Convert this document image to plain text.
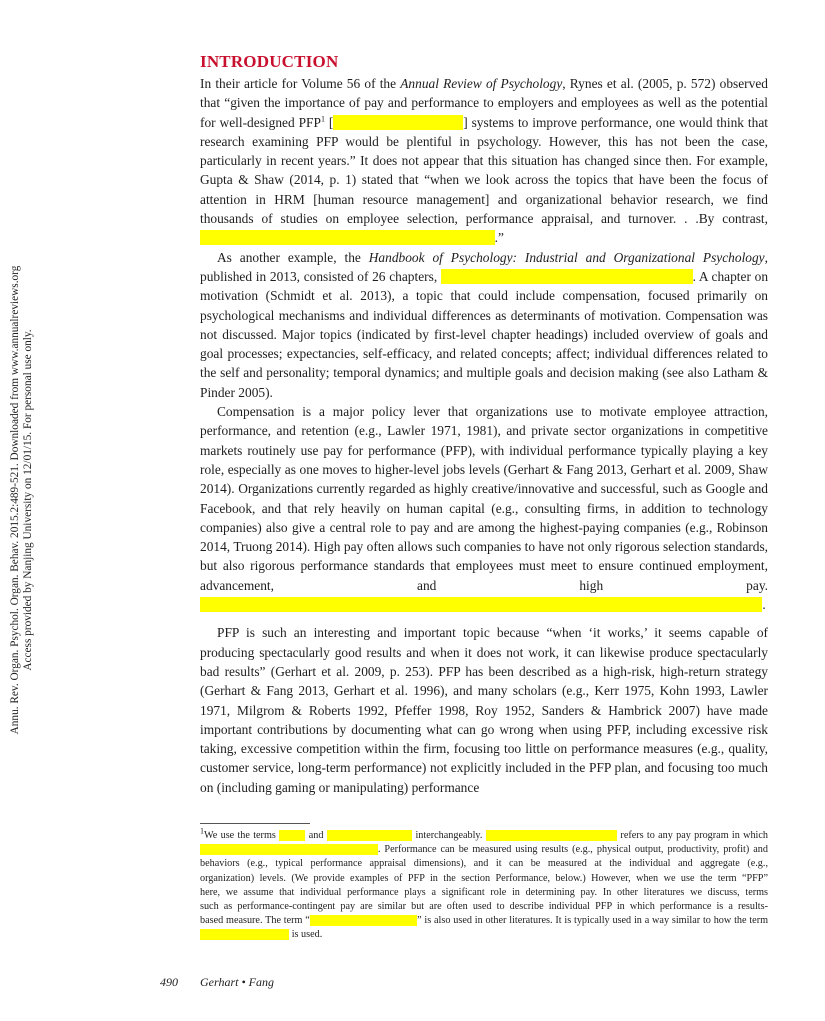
Annu. Rev. Organ. Psychol. Organ. Behav. 2015.2:489-521. Downloaded from www.annualreviews.org Access provided by Nanjing University on 12/01/15. For personal use only.
INTRODUCTION

In their article for Volume 56 of the Annual Review of Psychology, Rynes et al. (2005, p. 572) observed that “given the importance of pay and performance to employers and employees as well as the potential for well-designed PFP$^1$ [	] systems to improve performance, one would think that research examining PFP would be plentiful in psychology. However, this has not been the case, particularly in recent years.” It does not appear that this situation has changed since then. For example, Gupta & Shaw (2014, p. 1) stated that “when we look across the topics that have been the focus of attention in HRM [human resource management] and organizational behavior research, we find thousands of studies on employee selection, performance appraisal, and turnover. . .By contrast,                                                                                         .”

As another example, the Handbook of Psychology: Industrial and Organizational Psychology, published in 2013, consisted of 26 chapters,	. A chapter on motivation (Schmidt et al. 2013), a topic that could include compensation, focused primarily on psychological mechanisms and individual differences as determinants of motivation. Compensation was not discussed. Major topics (indicated by first-level chapter headings) included overview of goals and goal processes; expectancies, self-efficacy, and related concepts; affect; individual differences related to the self and personality; temporal dynamics; and multiple goals and decision making (see also Latham & Pinder 2005).

Compensation is a major policy lever that organizations use to motivate employee attraction, performance, and retention (e.g., Lawler 1971, 1981), and private sector organizations in competitive markets routinely use pay for performance (PFP), with individual performance typically playing a key role, especially as one moves to higher-level jobs levels (Gerhart & Fang 2013, Gerhart et al. 2009, Shaw 2014). Organizations currently regarded as highly creative/innovative and successful, such as Google and Facebook, and that rely heavily on human capital (e.g., consulting firms, in addition to technology companies) also give a central role to pay and are among the highest-paying companies (e.g., Robinson 2014, Truong 2014). High pay often allows such companies to have not only rigorous selection standards, but also rigorous performance standards that employees must meet to ensure continued employment, advancement, and high pay.                                                                                                                                                                         .

PFP is such an interesting and important topic because “when ‘it works,’ it seems capable of producing spectacularly good results and when it does not work, it can likewise produce spectacularly bad results” (Gerhart et al. 2009, p. 253). PFP has been described as a high-risk, high-return strategy (Gerhart & Fang 2013, Gerhart et al. 1996), and many scholars (e.g., Kerr 1975, Kohn 1993, Lawler 1971, Milgrom & Roberts 1992, Pfeffer 1998, Roy 1952, Sanders & Hambrick 2007) have made important contributions by documenting what can go wrong when using PFP, including excessive risk taking, excessive competition within the firm, focusing too little on performance measures (e.g., quality, customer service, long-term performance) not explicitly included in the PFP plan, and focusing too much on (including gaming or manipulating) performance

$^1$We use the terms	and	interchangeably.	refers to any pay program in which
. Performance can be measured using results (e.g., physical output, productivity, profit) and
behaviors (e.g., typical performance appraisal dimensions), and it can be measured at the individual and aggregate (e.g.,
organization) levels. (We provide examples of PFP in the section Performance, below.) However, when we use the term “PFP”
here, we assume that individual performance plays a significant role in determining pay. In other literatures we discuss, terms
such as performance-contingent pay are similar but are often used to describe individual PFP in which performance is a results-
based measure. The term “	” is also used in other literatures. It is typically used in a way similar to how the term
is used.
490 Gerhart • Fang
